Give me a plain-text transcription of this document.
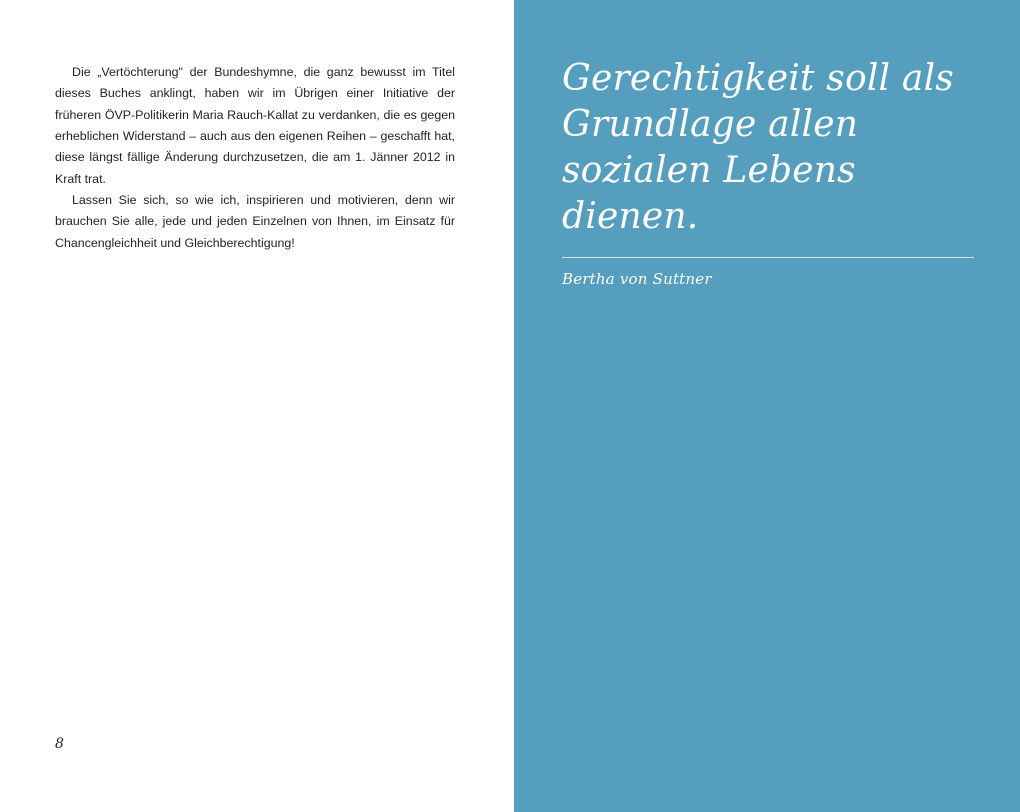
Die „Vertöchterung" der Bundeshymne, die ganz bewusst im Titel dieses Buches anklingt, haben wir im Übrigen einer Initiative der früheren ÖVP-Politikerin Maria Rauch-Kallat zu verdanken, die es gegen erheblichen Widerstand – auch aus den eigenen Reihen – geschafft hat, diese längst fällige Änderung durchzusetzen, die am 1. Jänner 2012 in Kraft trat.

Lassen Sie sich, so wie ich, inspirieren und motivieren, denn wir brauchen Sie alle, jede und jeden Einzelnen von Ihnen, im Einsatz für Chancengleichheit und Gleichberechtigung!

8
Gerechtigkeit soll als Grundlage allen sozialen Lebens dienen.
Bertha von Suttner
